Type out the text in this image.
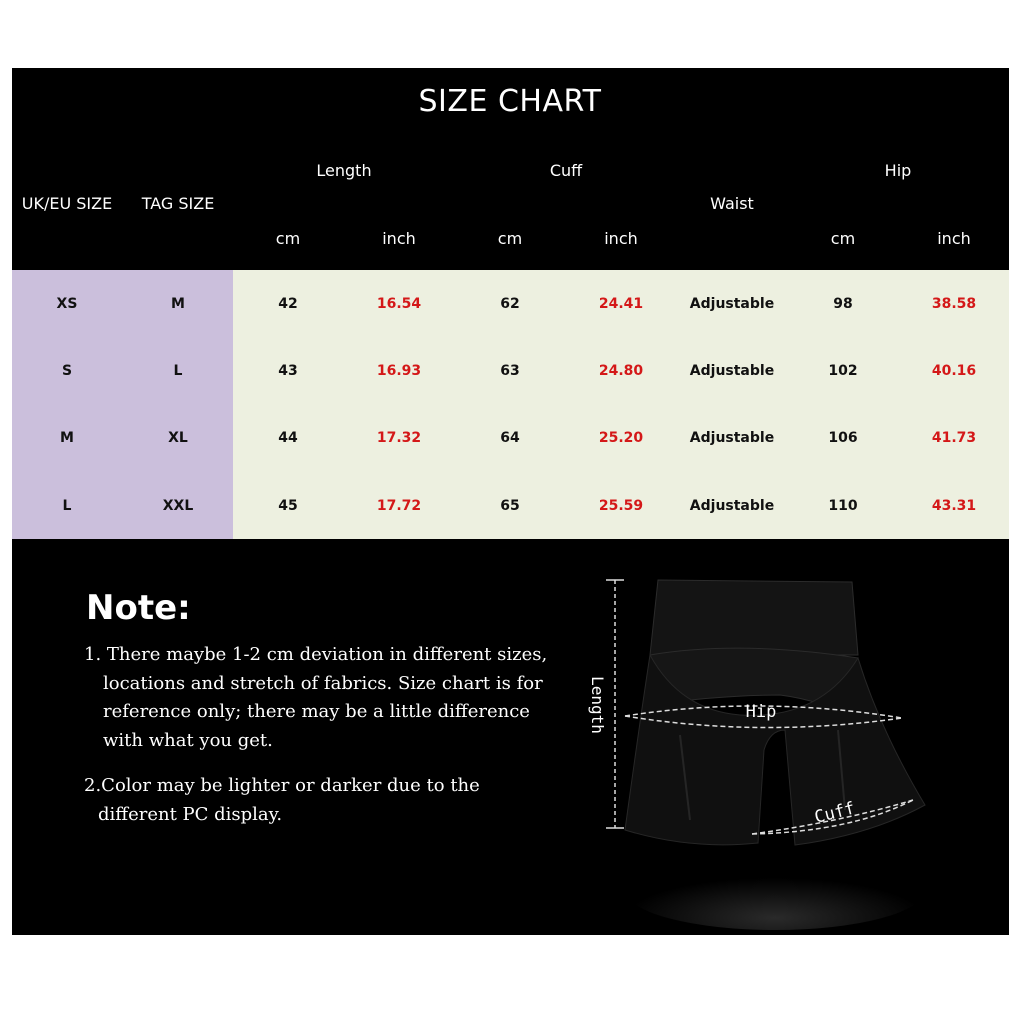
SIZE CHART
UK/EU SIZE TAG SIZE
Length	Cuff
Waist
Hip
cm	inch	cm	inch	cm	inch
XS	M	42	16.54	62	24.41	Adjustable	98	38.58
S	L	43	16.93	63	24.80	Adjustable	102	40.16
M	XL	44	17.32	64	25.20	Adjustable	106	41.73
L	XXL	45	17.72	65	25.59	Adjustable	110	43.31
Note:
1. There maybe 1-2 cm deviation in different sizes,
locations and stretch of fabrics. Size chart is for
reference only; there may be a little difference
with what you get.
2.Color may be lighter or darker due to the
different PC display.
Length	Hip
Cuff
